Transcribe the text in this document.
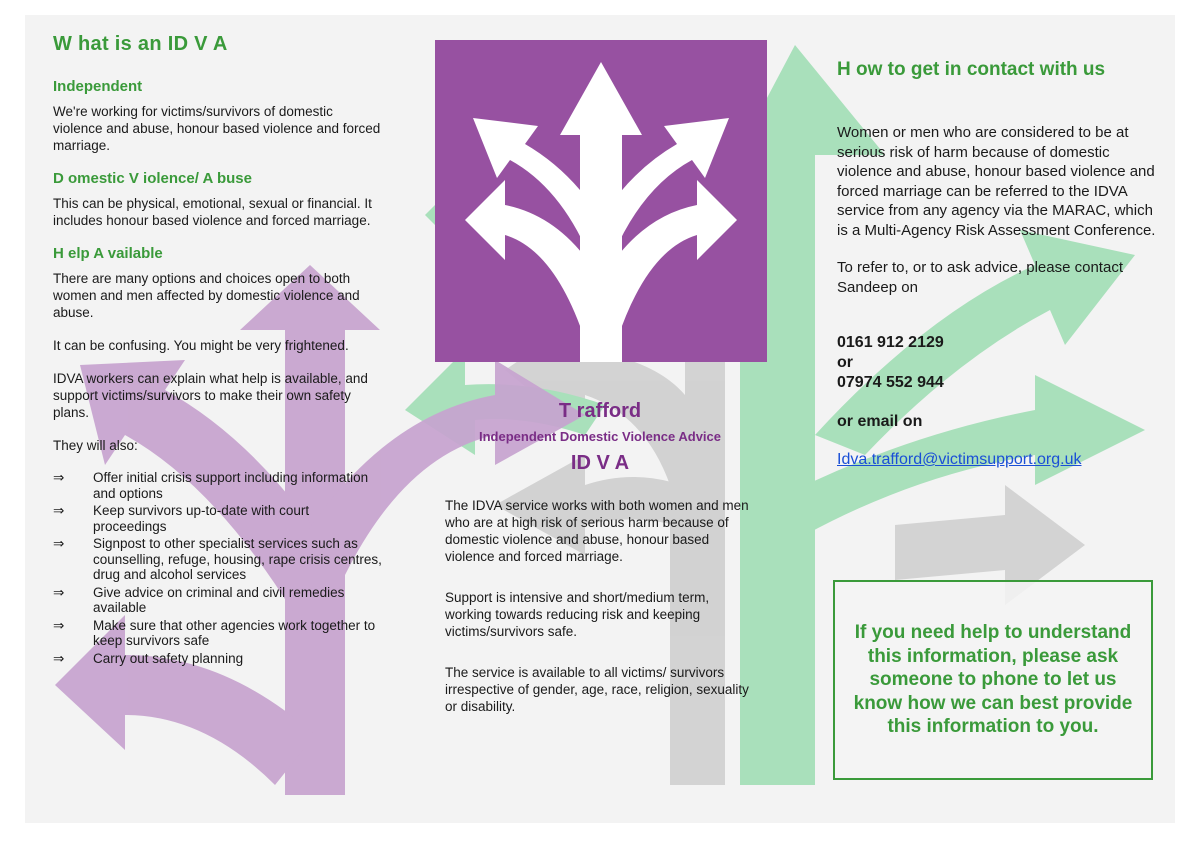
W hat is an ID V A
Independent

We're working for victims/survivors of domestic violence and abuse, honour based violence and forced marriage.

D omestic V iolence/ A buse

This can be physical, emotional, sexual or financial. It includes honour based violence and forced marriage.

H elp A vailable

There are many options and choices open to both women and men affected by domestic violence and abuse.

It can be confusing. You might be very frightened.

IDVA workers can explain what help is available, and support victims/survivors to make their own safety plans.

They will also:

⇒ Offer initial crisis support including information and options
⇒ Keep survivors up-to-date with court proceedings
⇒ Signpost to other specialist services such as counselling, refuge, housing, rape crisis centres, drug and alcohol services
⇒ Give advice on criminal and civil remedies available
⇒ Make sure that other agencies work together to keep survivors safe
⇒ Carry out safety planning
T rafford
Independent Domestic Violence Advice
ID V A

The IDVA service works with both women and men who are at high risk of serious harm because of domestic violence and abuse, honour based violence and forced marriage.

Support is intensive and short/medium term, working towards reducing risk and keeping victims/survivors safe.

The service is available to all victims/ survivors irrespective of gender, age, race, religion, sexuality or disability.

H ow to get in contact with us

Women or men who are considered to be at serious risk of harm because of domestic violence and abuse, honour based violence and forced marriage can be referred to the IDVA service from any agency via the MARAC, which is a Multi-Agency Risk Assessment Conference.

To refer to, or to ask advice, please contact Sandeep on

0161 912 2129

or

07974 552 944

or email on

Idva.trafford@victimsupport.org.uk

If you need help to understand this information, please ask someone to phone to let us know how we can best provide this information to you.
